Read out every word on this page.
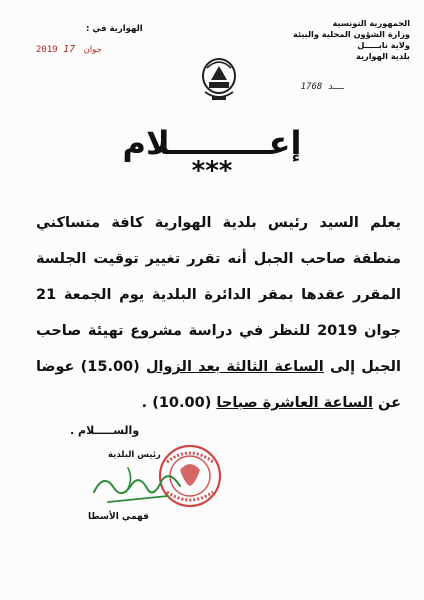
الجمهورية التونسية
وزارة الشؤون المحلية والبيئة
ولاية نابـــــل
بلدية الهوارية
ــد 1768
الهوارية في :
2019	جوان 17
إعـــــــــلام
***
يعلم السيد رئيس بلدية الهوارية كافة متساكني
منطقة صاحب الجبل أنه تقرر تغيير توقيت الجلسة
المقرر عقدها بمقر الدائرة البلدية يوم الجمعة 21
جوان 2019 للنظر في دراسة مشروع تهيئة صاحب
الجبل إلى الساعة الثالثة بعد الزوال (15.00) عوضا
عن الساعة العاشرة صباحا (10.00) .
والســـــلام .
رئيس البلدية
فهمي الأسطا
